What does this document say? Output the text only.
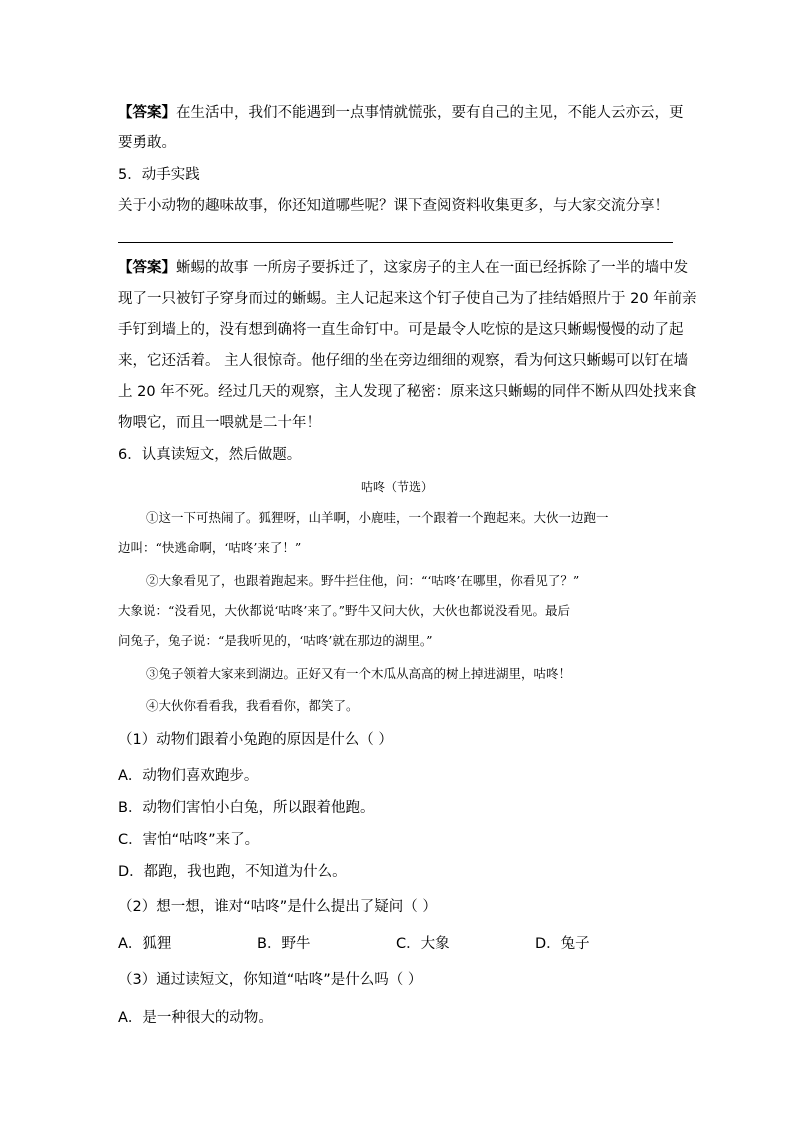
【答案】在生活中，我们不能遇到一点事情就慌张，要有自己的主见，不能人云亦云，更
要勇敢。
5．动手实践
关于小动物的趣味故事，你还知道哪些呢？课下查阅资料收集更多，与大家交流分享！
【答案】蜥蜴的故事 一所房子要拆迁了，这家房子的主人在一面已经拆除了一半的墙中发
现了一只被钉子穿身而过的蜥蜴。主人记起来这个钉子使自己为了挂结婚照片于 20 年前亲
手钉到墙上的，没有想到确将一直生命钉中。可是最令人吃惊的是这只蜥蜴慢慢的动了起
来，它还活着。 主人很惊奇。他仔细的坐在旁边细细的观察，看为何这只蜥蜴可以钉在墙
上 20 年不死。经过几天的观察，主人发现了秘密：原来这只蜥蜴的同伴不断从四处找来食
物喂它，而且一喂就是二十年！
6．认真读短文，然后做题。
咕咚（节选）
①这一下可热闹了。狐狸呀，山羊啊，小鹿哇，一个跟着一个跑起来。大伙一边跑一
边叫：“快逃命啊，‘咕咚’来了！”
②大象看见了，也跟着跑起来。野牛拦住他，问：“‘咕咚’在哪里，你看见了？”
大象说：“没看见，大伙都说‘咕咚’来了。”野牛又问大伙，大伙也都说没看见。最后
问兔子，兔子说：“是我听见的，‘咕咚’就在那边的湖里。”
③兔子领着大家来到湖边。正好又有一个木瓜从高高的树上掉进湖里，咕咚！
④大伙你看看我，我看看你，都笑了。
（1）动物们跟着小兔跑的原因是什么（ ）
A．动物们喜欢跑步。
B．动物们害怕小白兔，所以跟着他跑。
C．害怕“咕咚”来了。
D．都跑，我也跑，不知道为什么。
（2）想一想，谁对“咕咚”是什么提出了疑问（ ）
A．狐狸	B．野牛	C．大象	D．兔子
（3）通过读短文，你知道“咕咚”是什么吗（ ）
A．是一种很大的动物。
